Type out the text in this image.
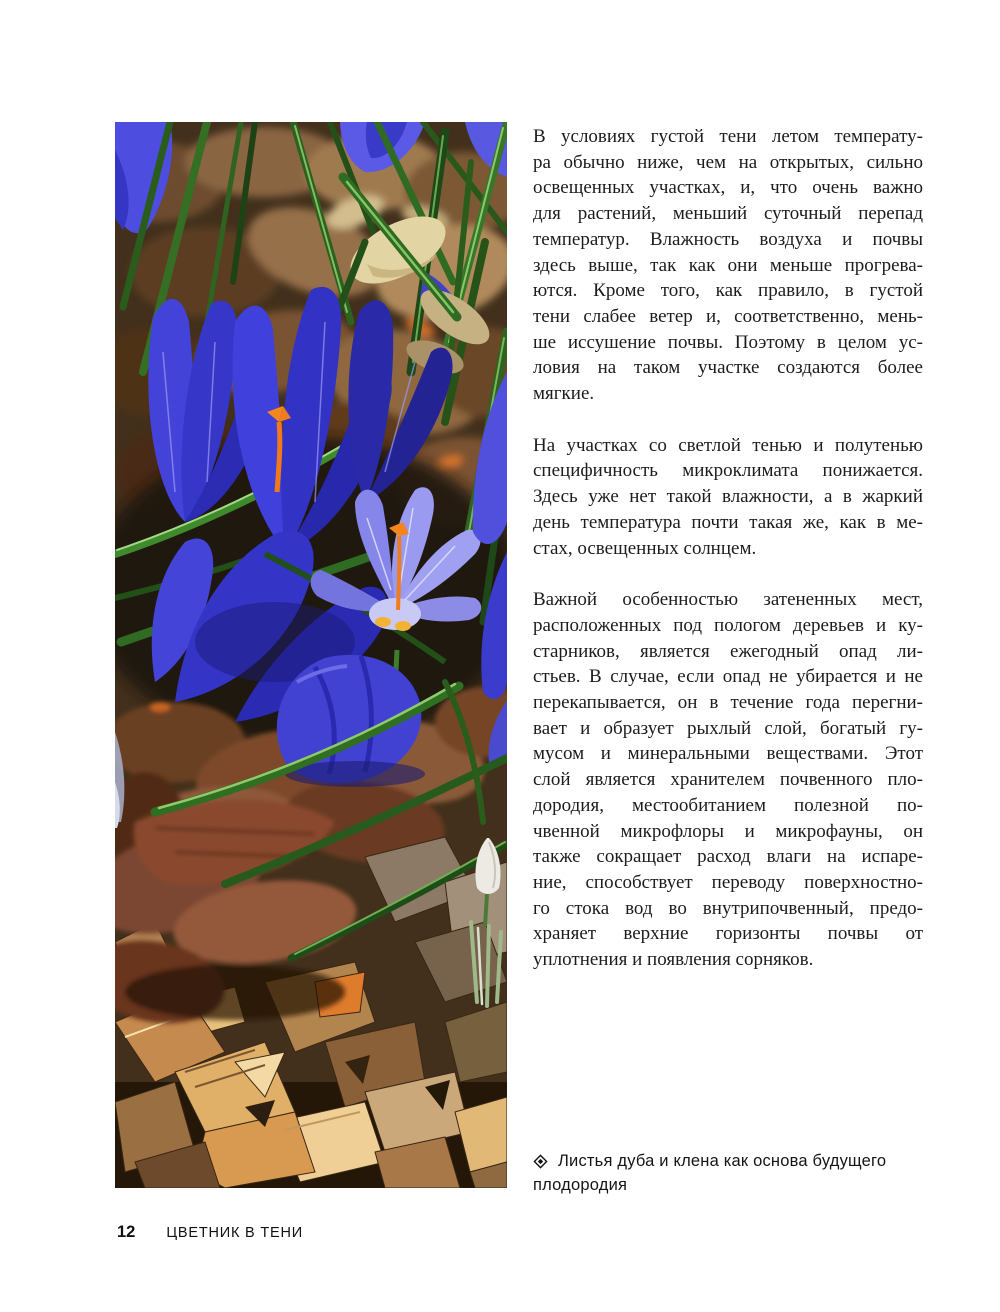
В условиях густой тени летом температу-
ра обычно ниже, чем на открытых, сильно
освещенных участках, и, что очень важно
для растений, меньший суточный перепад
температур. Влажность воздуха и почвы
здесь выше, так как они меньше прогрева-
ются. Кроме того, как правило, в густой
тени слабее ветер и, соответственно, мень-
ше иссушение почвы. Поэтому в целом ус-
ловия на таком участке создаются более
мягкие.
На участках со светлой тенью и полутенью
специфичность микроклимата понижается.
Здесь уже нет такой влажности, а в жаркий
день температура почти такая же, как в ме-
стах, освещенных солнцем.
Важной особенностью затененных мест,
расположенных под пологом деревьев и ку-
старников, является ежегодный опад ли-
стьев. В случае, если опад не убирается и не
перекапывается, он в течение года перегни-
вает и образует рыхлый слой, богатый гу-
мусом и минеральными веществами. Этот
слой является хранителем почвенного пло-
дородия, местообитанием полезной по-
чвенной микрофлоры и микрофауны, он
также сокращает расход влаги на испаре-
ние, способствует переводу поверхностно-
го стока вод во внутрипочвенный, предо-
храняет верхние горизонты почвы от
уплотнения и появления сорняков.
Листья дуба и клена как основа будущего
плодородия
12 ЦВЕТНИК В ТЕНИ
